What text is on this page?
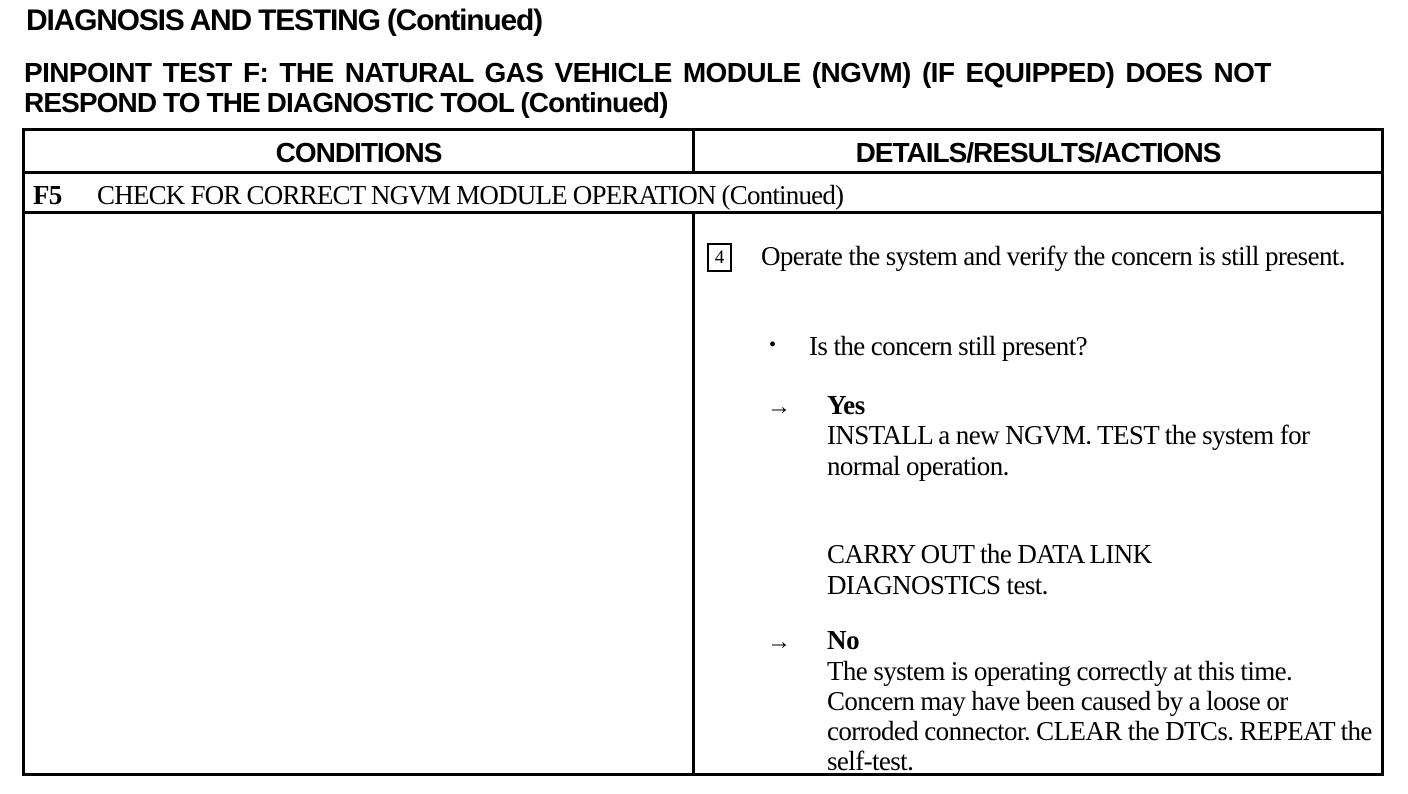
DIAGNOSIS AND TESTING (Continued)
PINPOINT TEST F: THE NATURAL GAS VEHICLE MODULE (NGVM) (IF EQUIPPED) DOES NOT
RESPOND TO THE DIAGNOSTIC TOOL (Continued)
CONDITIONS	DETAILS/RESULTS/ACTIONS
F5 CHECK FOR CORRECT NGVM MODULE OPERATION (Continued)
4 Operate the system and verify the concern is still present.
• Is the concern still present?
→ Yes
INSTALL a new NGVM. TEST the system for normal operation.
CARRY OUT the DATA LINK DIAGNOSTICS test.
→ No
The system is operating correctly at this time. Concern may have been caused by a loose or corroded connector. CLEAR the DTCs. REPEAT the self-test.
